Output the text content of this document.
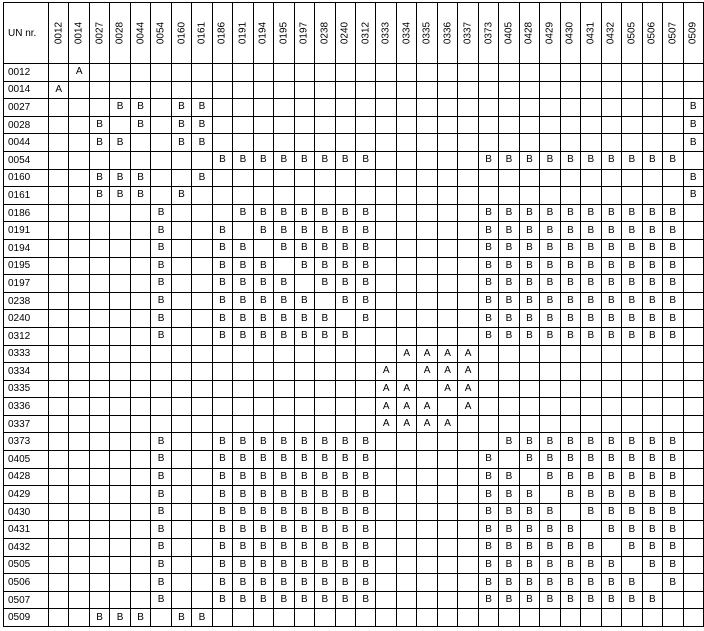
UN nr.	0012	0014	0027	0028	0044	0054	0160	0161	0186	0191	0194	0195	0197	0238	0240	0312	0333	0334	0335	0336	0337	0373	0405	0428	0429	0430	0431	0432	0505	0506	0507	0509

0012		A																														
0014	A																															
0027				B	B		B	B																								B
0028			B		B		B	B																								B
0044			B	B			B	B																								B
0054									B	B	B	B	B	B	B	B						B	B	B	B	B	B	B	B	B	B	
0160			B	B	B			B																								B
0161			B	B	B		B																									B
0186						B				B	B	B	B	B	B	B						B	B	B	B	B	B	B	B	B	B	
0191						B			B		B	B	B	B	B	B						B	B	B	B	B	B	B	B	B	B	
0194						B			B	B		B	B	B	B	B						B	B	B	B	B	B	B	B	B	B	
0195						B			B	B	B		B	B	B	B						B	B	B	B	B	B	B	B	B	B	
0197						B			B	B	B	B		B	B	B						B	B	B	B	B	B	B	B	B	B	
0238						B			B	B	B	B	B		B	B						B	B	B	B	B	B	B	B	B	B	
0240						B			B	B	B	B	B	B		B						B	B	B	B	B	B	B	B	B	B	
0312						B			B	B	B	B	B	B	B							B	B	B	B	B	B	B	B	B	B	
0333																		A	A	A	A											
0334																	A		A	A	A											
0335																	A	A		A	A											
0336																	A	A	A		A											
0337																	A	A	A	A												
0373						B			B	B	B	B	B	B	B	B							B	B	B	B	B	B	B	B	B	
0405						B			B	B	B	B	B	B	B	B						B		B	B	B	B	B	B	B	B	
0428						B			B	B	B	B	B	B	B	B						B	B		B	B	B	B	B	B	B	
0429						B			B	B	B	B	B	B	B	B						B	B	B		B	B	B	B	B	B	
0430						B			B	B	B	B	B	B	B	B						B	B	B	B		B	B	B	B	B	
0431						B			B	B	B	B	B	B	B	B						B	B	B	B	B		B	B	B	B	
0432						B			B	B	B	B	B	B	B	B						B	B	B	B	B	B		B	B	B	
0505						B			B	B	B	B	B	B	B	B						B	B	B	B	B	B	B		B	B	
0506						B			B	B	B	B	B	B	B	B						B	B	B	B	B	B	B	B		B	
0507						B			B	B	B	B	B	B	B	B						B	B	B	B	B	B	B	B	B		
0509			B	B	B		B	B																								
